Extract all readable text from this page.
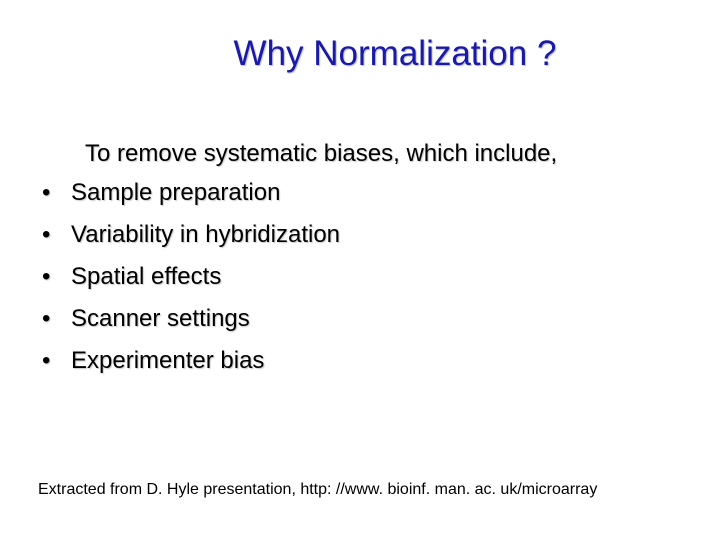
Why Normalization ?
To remove systematic biases, which include,
• Sample preparation
• Variability in hybridization
• Spatial effects
• Scanner settings
• Experimenter bias
Extracted from D. Hyle presentation, http: //www. bioinf. man. ac. uk/microarray
